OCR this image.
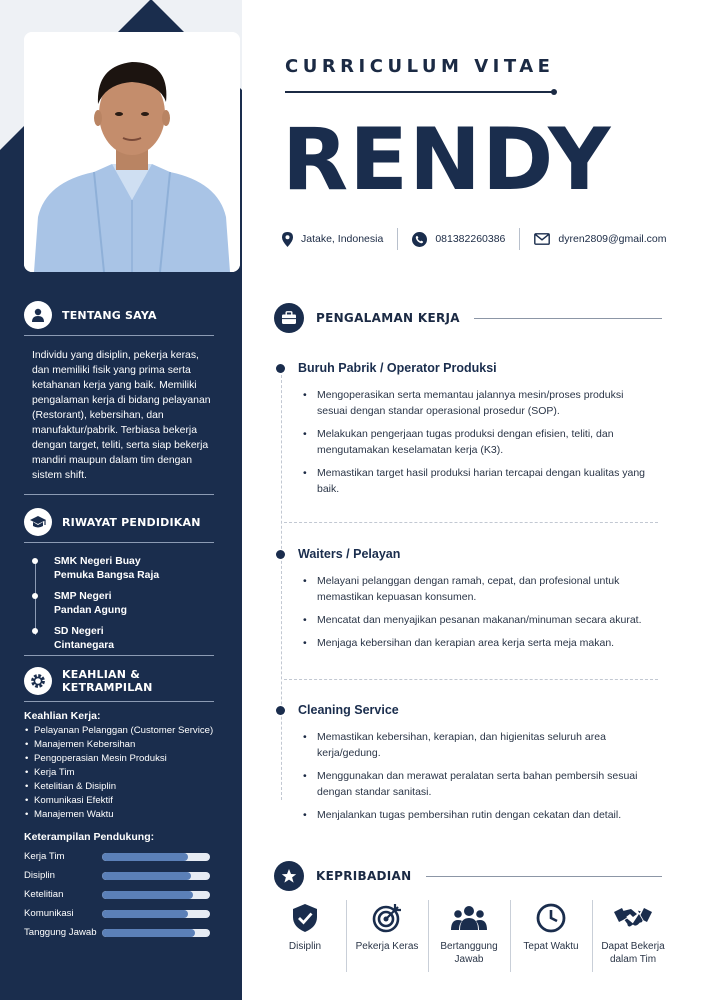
TENTANG SAYA

Individu yang disiplin, pekerja keras, dan memiliki fisik yang prima serta ketahanan kerja yang baik. Memiliki pengalaman kerja di bidang pelayanan (Restorant), kebersihan, dan manufaktur/pabrik. Terbiasa bekerja dengan target, teliti, serta siap bekerja mandiri maupun dalam tim dengan sistem shift.

RIWAYAT PENDIDIKAN
SMK Negeri Buay
Pemuka Bangsa Raja
SMP Negeri
Pandan Agung
SD Negeri
Cintanegara
KEAHLIAN & KETRAMPILAN
Keahlian Kerja:
• Pelayanan Pelanggan (Customer Service)
• Manajemen Kebersihan
• Pengoperasian Mesin Produksi
• Kerja Tim
• Ketelitian & Disiplin
• Komunikasi Efektif
• Manajemen Waktu
Keterampilan Pendukung:
Kerja Tim
Disiplin
Ketelitian
Komunikasi
Tanggung Jawab
CURRICULUM VITAE
RENDY
Jatake, Indonesia	081382260386	dyren2809@gmail.com
PENGALAMAN KERJA
Buruh Pabrik / Operator Produksi
• Mengoperasikan serta memantau jalannya mesin/proses produksi sesuai dengan standar operasional prosedur (SOP).
• Melakukan pengerjaan tugas produksi dengan efisien, teliti, dan mengutamakan keselamatan kerja (K3).
• Memastikan target hasil produksi harian tercapai dengan kualitas yang baik.
Waiters / Pelayan
• Melayani pelanggan dengan ramah, cepat, dan profesional untuk memastikan kepuasan konsumen.
• Mencatat dan menyajikan pesanan makanan/minuman secara akurat.
• Menjaga kebersihan dan kerapian area kerja serta meja makan.
Cleaning Service
• Memastikan kebersihan, kerapian, dan higienitas seluruh area kerja/gedung.
• Menggunakan dan merawat peralatan serta bahan pembersih sesuai dengan standar sanitasi.
• Menjalankan tugas pembersihan rutin dengan cekatan dan detail.
KEPRIBADIAN
Disiplin	Pekerja Keras	Bertanggung Jawab
Tepat Waktu	Dapat Bekerja dalam Tim
